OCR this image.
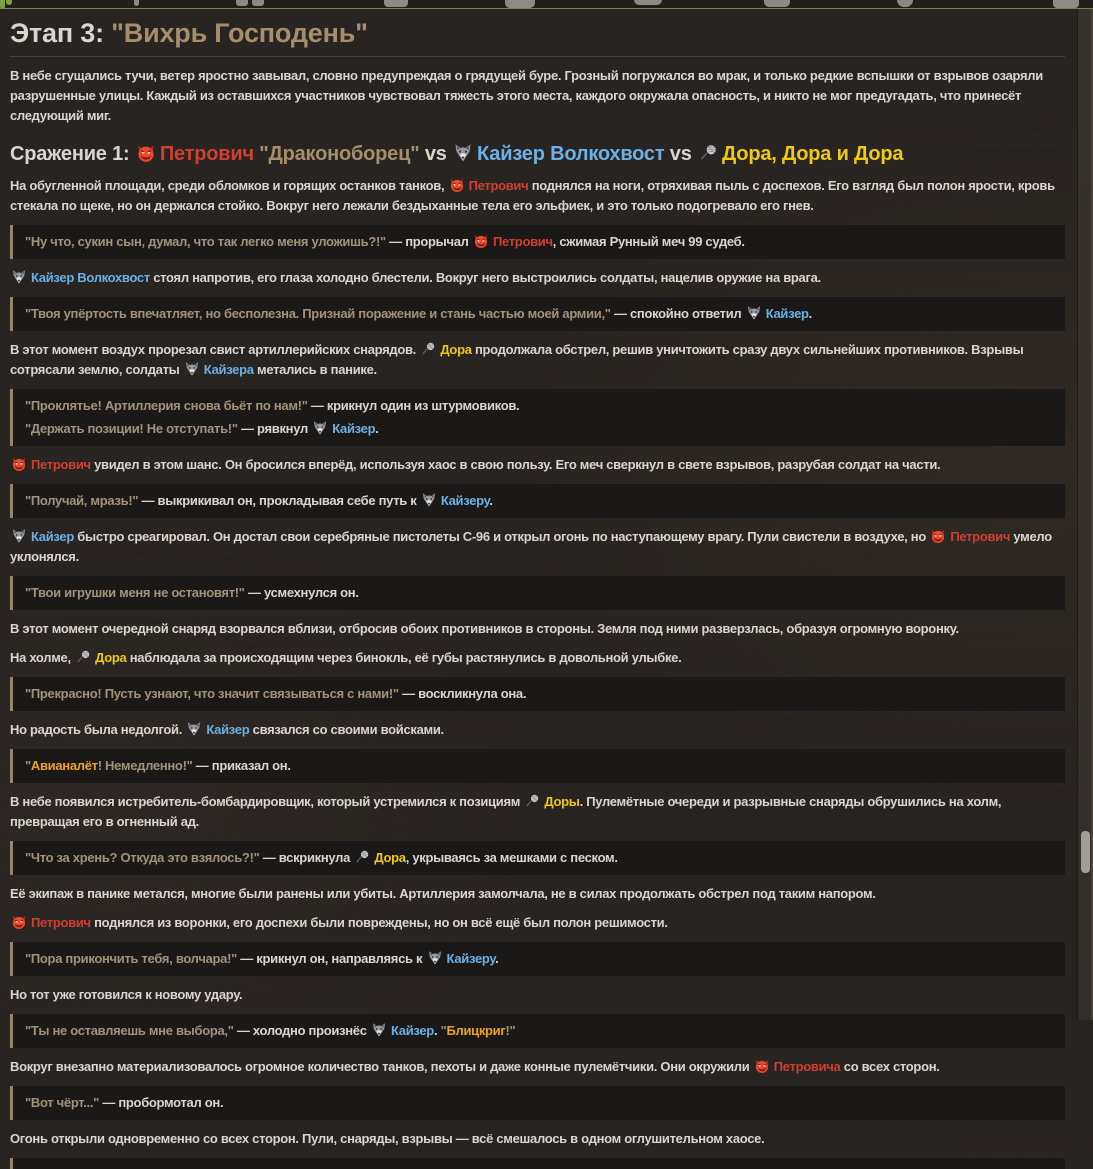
Этап 3: "Вихрь Господень"

В небе сгущались тучи, ветер яростно завывал, словно предупреждая о грядущей буре. Грозный погружался во мрак, и только редкие вспышки от взрывов озаряли разрушенные улицы. Каждый из оставшихся участников чувствовал тяжесть этого места, каждого окружала опасность, и никто не мог предугадать, что принесёт следующий миг.

Сражение 1:
Петрович "Драконоборец" vs
Кайзер Волкохвост vs
Дора, Дора и Дора

На обугленной площади, среди обломков и горящих останков танков,
Петрович поднялся на ноги, отряхивая пыль с доспехов. Его взгляд был полон ярости, кровь стекала по щеке, но он держался стойко. Вокруг него лежали бездыханные тела его эльфиек, и это только подогревало его гнев.

"Ну что, сукин сын, думал, что так легко меня уложишь?!" — прорычал
Петрович, сжимая Рунный меч 99 судеб.

Кайзер Волкохвост стоял напротив, его глаза холодно блестели. Вокруг него выстроились солдаты, нацелив оружие на врага.

"Твоя упёртость впечатляет, но бесполезна. Признай поражение и стань частью моей армии," — спокойно ответил
Кайзер.

В этот момент воздух прорезал свист артиллерийских снарядов.
Дора продолжала обстрел, решив уничтожить сразу двух сильнейших противников. Взрывы сотрясали землю, солдаты
Кайзера метались в панике.

"Проклятье! Артиллерия снова бьёт по нам!" — крикнул один из штурмовиков.
"Держать позиции! Не отступать!" — рявкнул
Кайзер.

Петрович увидел в этом шанс. Он бросился вперёд, используя хаос в свою пользу. Его меч сверкнул в свете взрывов, разрубая солдат на части.

"Получай, мразь!" — выкрикивал он, прокладывая себе путь к
Кайзеру.

Кайзер быстро среагировал. Он достал свои серебряные пистолеты С-96 и открыл огонь по наступающему врагу. Пули свистели в воздухе, но
Петрович умело уклонялся.

"Твои игрушки меня не остановят!" — усмехнулся он.

В этот момент очередной снаряд взорвался вблизи, отбросив обоих противников в стороны. Земля под ними разверзлась, образуя огромную воронку.

На холме,
Дора наблюдала за происходящим через бинокль, её губы растянулись в довольной улыбке.

"Прекрасно! Пусть узнают, что значит связываться с нами!" — воскликнула она.

Но радость была недолгой.
Кайзер связался со своими войсками.

"Авианалёт! Немедленно!" — приказал он.

В небе появился истребитель-бомбардировщик, который устремился к позициям
Доры. Пулемётные очереди и разрывные снаряды обрушились на холм, превращая его в огненный ад.

"Что за хрень? Откуда это взялось?!" — вскрикнула
Дора, укрываясь за мешками с песком.

Её экипаж в панике метался, многие были ранены или убиты. Артиллерия замолчала, не в силах продолжать обстрел под таким напором.

Петрович поднялся из воронки, его доспехи были повреждены, но он всё ещё был полон решимости.

"Пора прикончить тебя, волчара!" — крикнул он, направляясь к
Кайзеру.

Но тот уже готовился к новому удару.

"Ты не оставляешь мне выбора," — холодно произнёс
Кайзер. "Блицкриг!"

Вокруг внезапно материализовалось огромное количество танков, пехоты и даже конные пулемётчики. Они окружили
Петровича со всех сторон.

"Вот чёрт..." — пробормотал он.

Огонь открыли одновременно со всех сторон. Пули, снаряды, взрывы — всё смешалось в одном оглушительном хаосе.
